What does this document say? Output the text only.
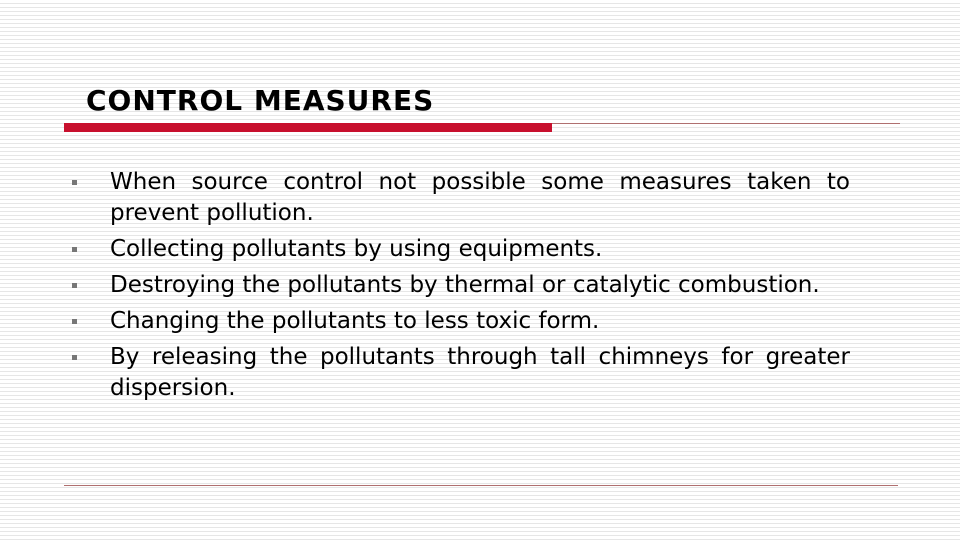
CONTROL MEASURES
When source control not possible some measures taken to prevent pollution.
Collecting pollutants by using equipments.
Destroying the pollutants by thermal or catalytic combustion.
Changing the pollutants to less toxic form.
By releasing the pollutants through tall chimneys for greater dispersion.
